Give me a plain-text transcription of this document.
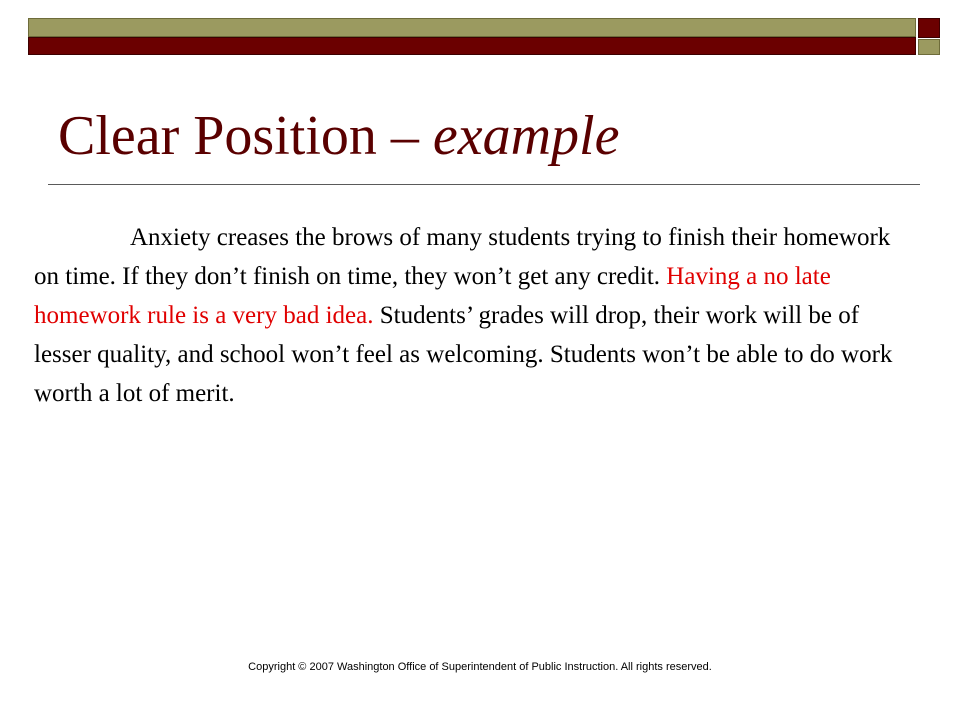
Clear Position – example

Anxiety creases the brows of many students trying to finish their homework on time. If they don’t finish on time, they won’t get any credit. Having a no late homework rule is a very bad idea. Students’ grades will drop, their work will be of lesser quality, and school won’t feel as welcoming. Students won’t be able to do work worth a lot of merit.

Copyright © 2007 Washington Office of Superintendent of Public Instruction. All rights reserved.
